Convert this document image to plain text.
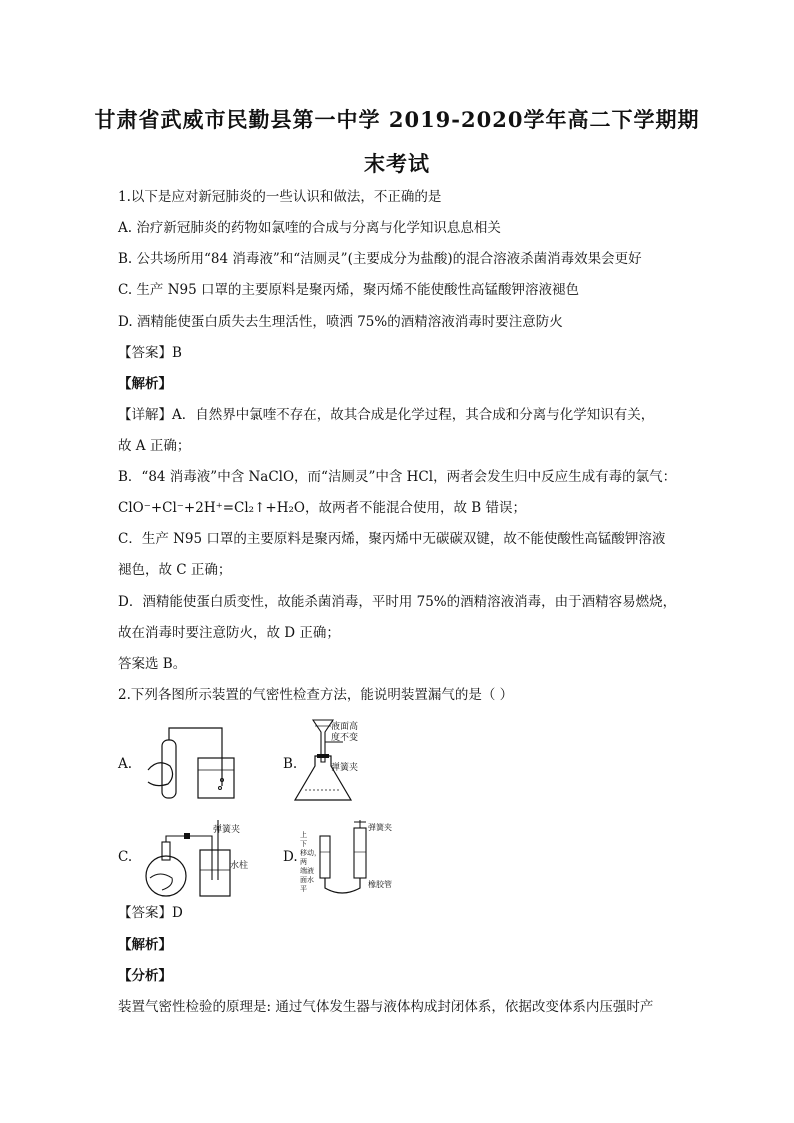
甘肃省武威市民勤县第一中学 2019-2020学年高二下学期期
末考试
1.以下是应对新冠肺炎的一些认识和做法，不正确的是
A. 治疗新冠肺炎的药物如氯喹的合成与分离与化学知识息息相关
B. 公共场所用“84 消毒液”和“洁厕灵”(主要成分为盐酸)的混合溶液杀菌消毒效果会更好
C. 生产 N95 口罩的主要原料是聚丙烯，聚丙烯不能使酸性高锰酸钾溶液褪色
D. 酒精能使蛋白质失去生理活性，喷洒 75%的酒精溶液消毒时要注意防火
【答案】B
【解析】
【详解】A．自然界中氯喹不存在，故其合成是化学过程，其合成和分离与化学知识有关，
故 A 正确；
B．“84 消毒液”中含 NaClO，而“洁厕灵”中含 HCl，两者会发生归中反应生成有毒的氯气：
ClO⁻+Cl⁻+2H⁺=Cl₂↑+H₂O，故两者不能混合使用，故 B 错误；
C．生产 N95 口罩的主要原料是聚丙烯，聚丙烯中无碳碳双键，故不能使酸性高锰酸钾溶液
褪色，故 C 正确；
D．酒精能使蛋白质变性，故能杀菌消毒，平时用 75%的酒精溶液消毒，由于酒精容易燃烧，
故在消毒时要注意防火，故 D 正确；
答案选 B。
2.下列各图所示装置的气密性检查方法，能说明装置漏气的是（ ）
A.	B.
液面高
度不变
弹簧夹
C.
弹簧夹
水柱
D.
上
下
移动，
两
端液
面水
平
弹簧夹
橡胶管
【答案】D
【解析】
【分析】
装置气密性检验的原理是: 通过气体发生器与液体构成封闭体系，依据改变体系内压强时产
